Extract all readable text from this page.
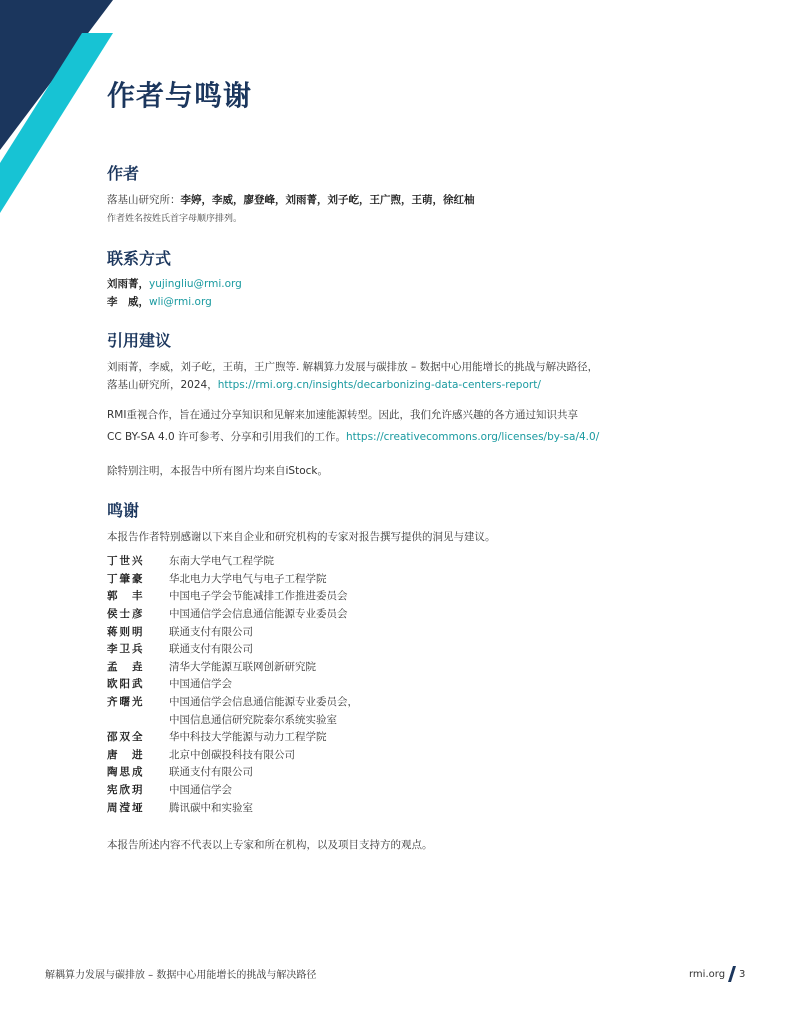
作者与鸣谢
作者

落基山研究所：李婷，李威，廖登峰，刘雨菁，刘子屹，王广煦，王萌，徐红柚

作者姓名按姓氏首字母顺序排列。

联系方式

刘雨菁，yujingliu@rmi.org

李　威，wli@rmi.org

引用建议

刘雨菁，李威，刘子屹，王萌，王广煦等. 解耦算力发展与碳排放 – 数据中心用能增长的挑战与解决路径，

落基山研究所，2024，https://rmi.org.cn/insights/decarbonizing-data-centers-report/

RMI重视合作，旨在通过分享知识和见解来加速能源转型。因此，我们允许感兴趣的各方通过知识共享

CC BY-SA 4.0 许可参考、分享和引用我们的工作。https://creativecommons.org/licenses/by-sa/4.0/

除特别注明，本报告中所有图片均来自iStock。

鸣谢

本报告作者特别感谢以下来自企业和研究机构的专家对报告撰写提供的洞见与建议。

丁世兴	东南大学电气工程学院
丁肇豪	华北电力大学电气与电子工程学院
郭　丰	中国电子学会节能减排工作推进委员会
侯士彦	中国通信学会信息通信能源专业委员会
蒋则明	联通支付有限公司
李卫兵	联通支付有限公司
孟　垚	清华大学能源互联网创新研究院
欧阳武	中国通信学会
齐曙光	中国通信学会信息通信能源专业委员会，
中国信息通信研究院泰尔系统实验室
邵双全	华中科技大学能源与动力工程学院
唐　进	北京中创碳投科技有限公司
陶思成	联通支付有限公司
宪欣玥	中国通信学会
周滢垭	腾讯碳中和实验室

本报告所述内容不代表以上专家和所在机构，以及项目支持方的观点。

解耦算力发展与碳排放 – 数据中心用能增长的挑战与解决路径	rmi.org 3
